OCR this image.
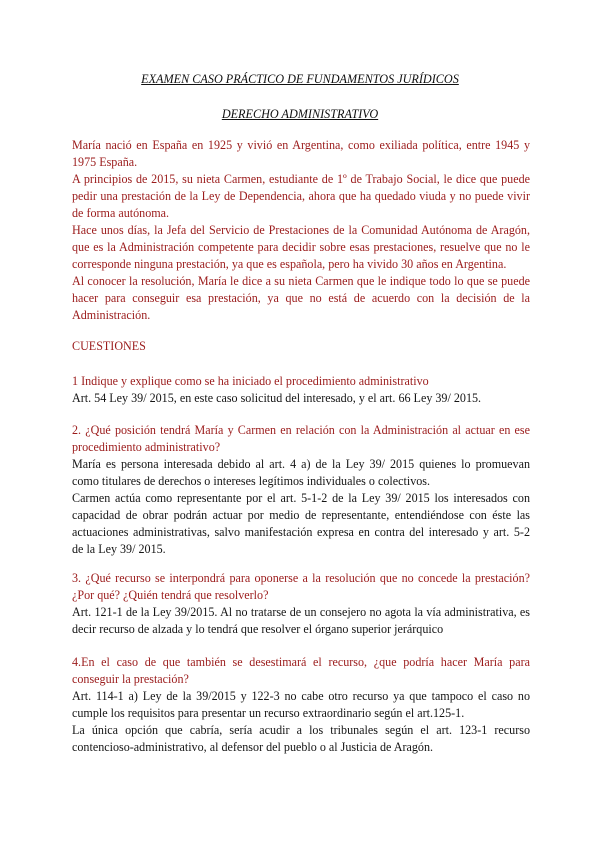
EXAMEN CASO PRÁCTICO DE FUNDAMENTOS JURÍDICOS
DERECHO ADMINISTRATIVO
María nació en España en 1925 y vivió en Argentina, como exiliada política, entre 1945 y
1975 España.
A principios de 2015, su nieta Carmen, estudiante de 1º de Trabajo Social, le dice que puede
pedir una prestación de la Ley de Dependencia, ahora que ha quedado viuda y no puede vivir
de forma autónoma.
Hace unos días, la Jefa del Servicio de Prestaciones de la Comunidad Autónoma de Aragón,
que es la Administración competente para decidir sobre esas prestaciones, resuelve que no le
corresponde ninguna prestación, ya que es española, pero ha vivido 30 años en Argentina.
Al conocer la resolución, María le dice a su nieta Carmen que le indique todo lo que se puede
hacer para conseguir esa prestación, ya que no está de acuerdo con la decisión de la
Administración.
CUESTIONES
1 Indique y explique como se ha iniciado el procedimiento administrativo
Art. 54 Ley 39/ 2015, en este caso solicitud del interesado, y el art. 66 Ley 39/ 2015.
2. ¿Qué posición tendrá María y Carmen en relación con la Administración al actuar en ese
procedimiento administrativo?
María es persona interesada debido al art. 4 a) de la Ley 39/ 2015 quienes lo promuevan
como titulares de derechos o intereses legítimos individuales o colectivos.
Carmen actúa como representante por el art. 5-1-2 de la Ley 39/ 2015 los interesados con
capacidad de obrar podrán actuar por medio de representante, entendiéndose con éste las
actuaciones administrativas, salvo manifestación expresa en contra del interesado y art. 5-2
de la Ley 39/ 2015.
3. ¿Qué recurso se interpondrá para oponerse a la resolución que no concede la prestación?
¿Por qué? ¿Quién tendrá que resolverlo?
Art. 121-1 de la Ley 39/2015. Al no tratarse de un consejero no agota la vía administrativa, es
decir recurso de alzada y lo tendrá que resolver el órgano superior jerárquico
4.En el caso de que también se desestimará el recurso, ¿que podría hacer María para
conseguir la prestación?
Art. 114-1 a) Ley de la 39/2015 y 122-3 no cabe otro recurso ya que tampoco el caso no
cumple los requisitos para presentar un recurso extraordinario según el art.125-1.
La única opción que cabría, sería acudir a los tribunales según el art. 123-1 recurso
contencioso-administrativo, al defensor del pueblo o al Justicia de Aragón.
